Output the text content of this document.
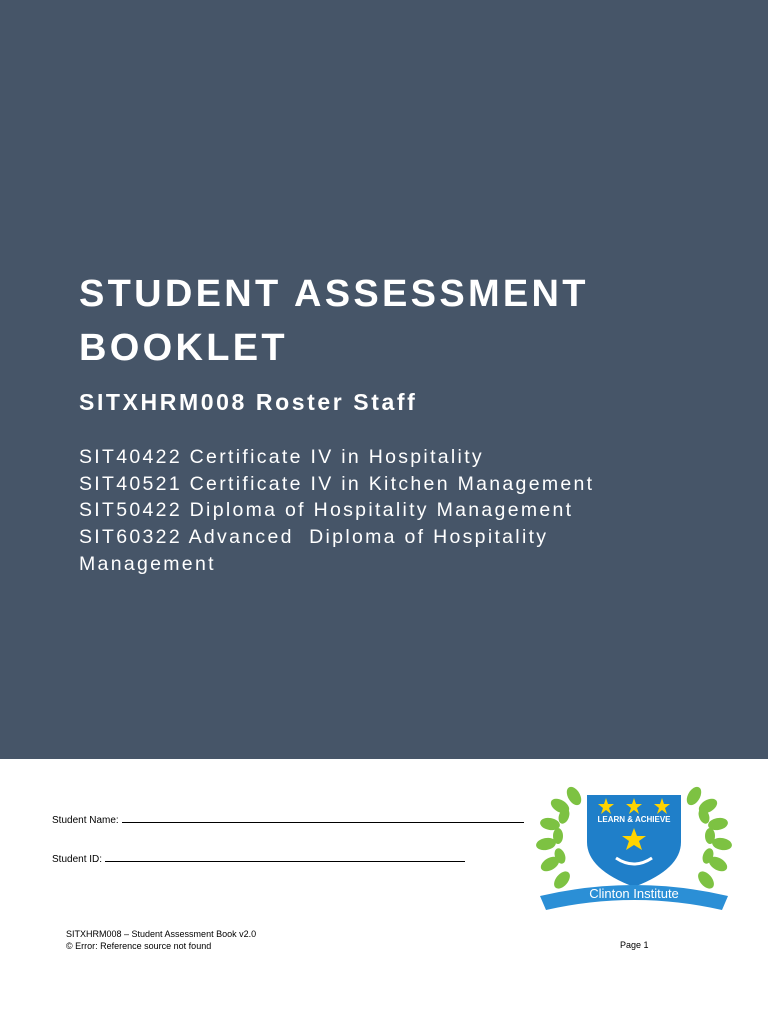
STUDENT ASSESSMENT BOOKLET
SITXHRM008 Roster Staff
SIT40422 Certificate IV in Hospitality
SIT40521 Certificate IV in Kitchen Management
SIT50422 Diploma of Hospitality Management
SIT60322 Advanced  Diploma of Hospitality
Management
Student Name:
Student ID:
LEARN & ACHIEVE
Clinton Institute
SITXHRM008 – Student Assessment Book v2.0
© Error: Reference source not found	Page 1
